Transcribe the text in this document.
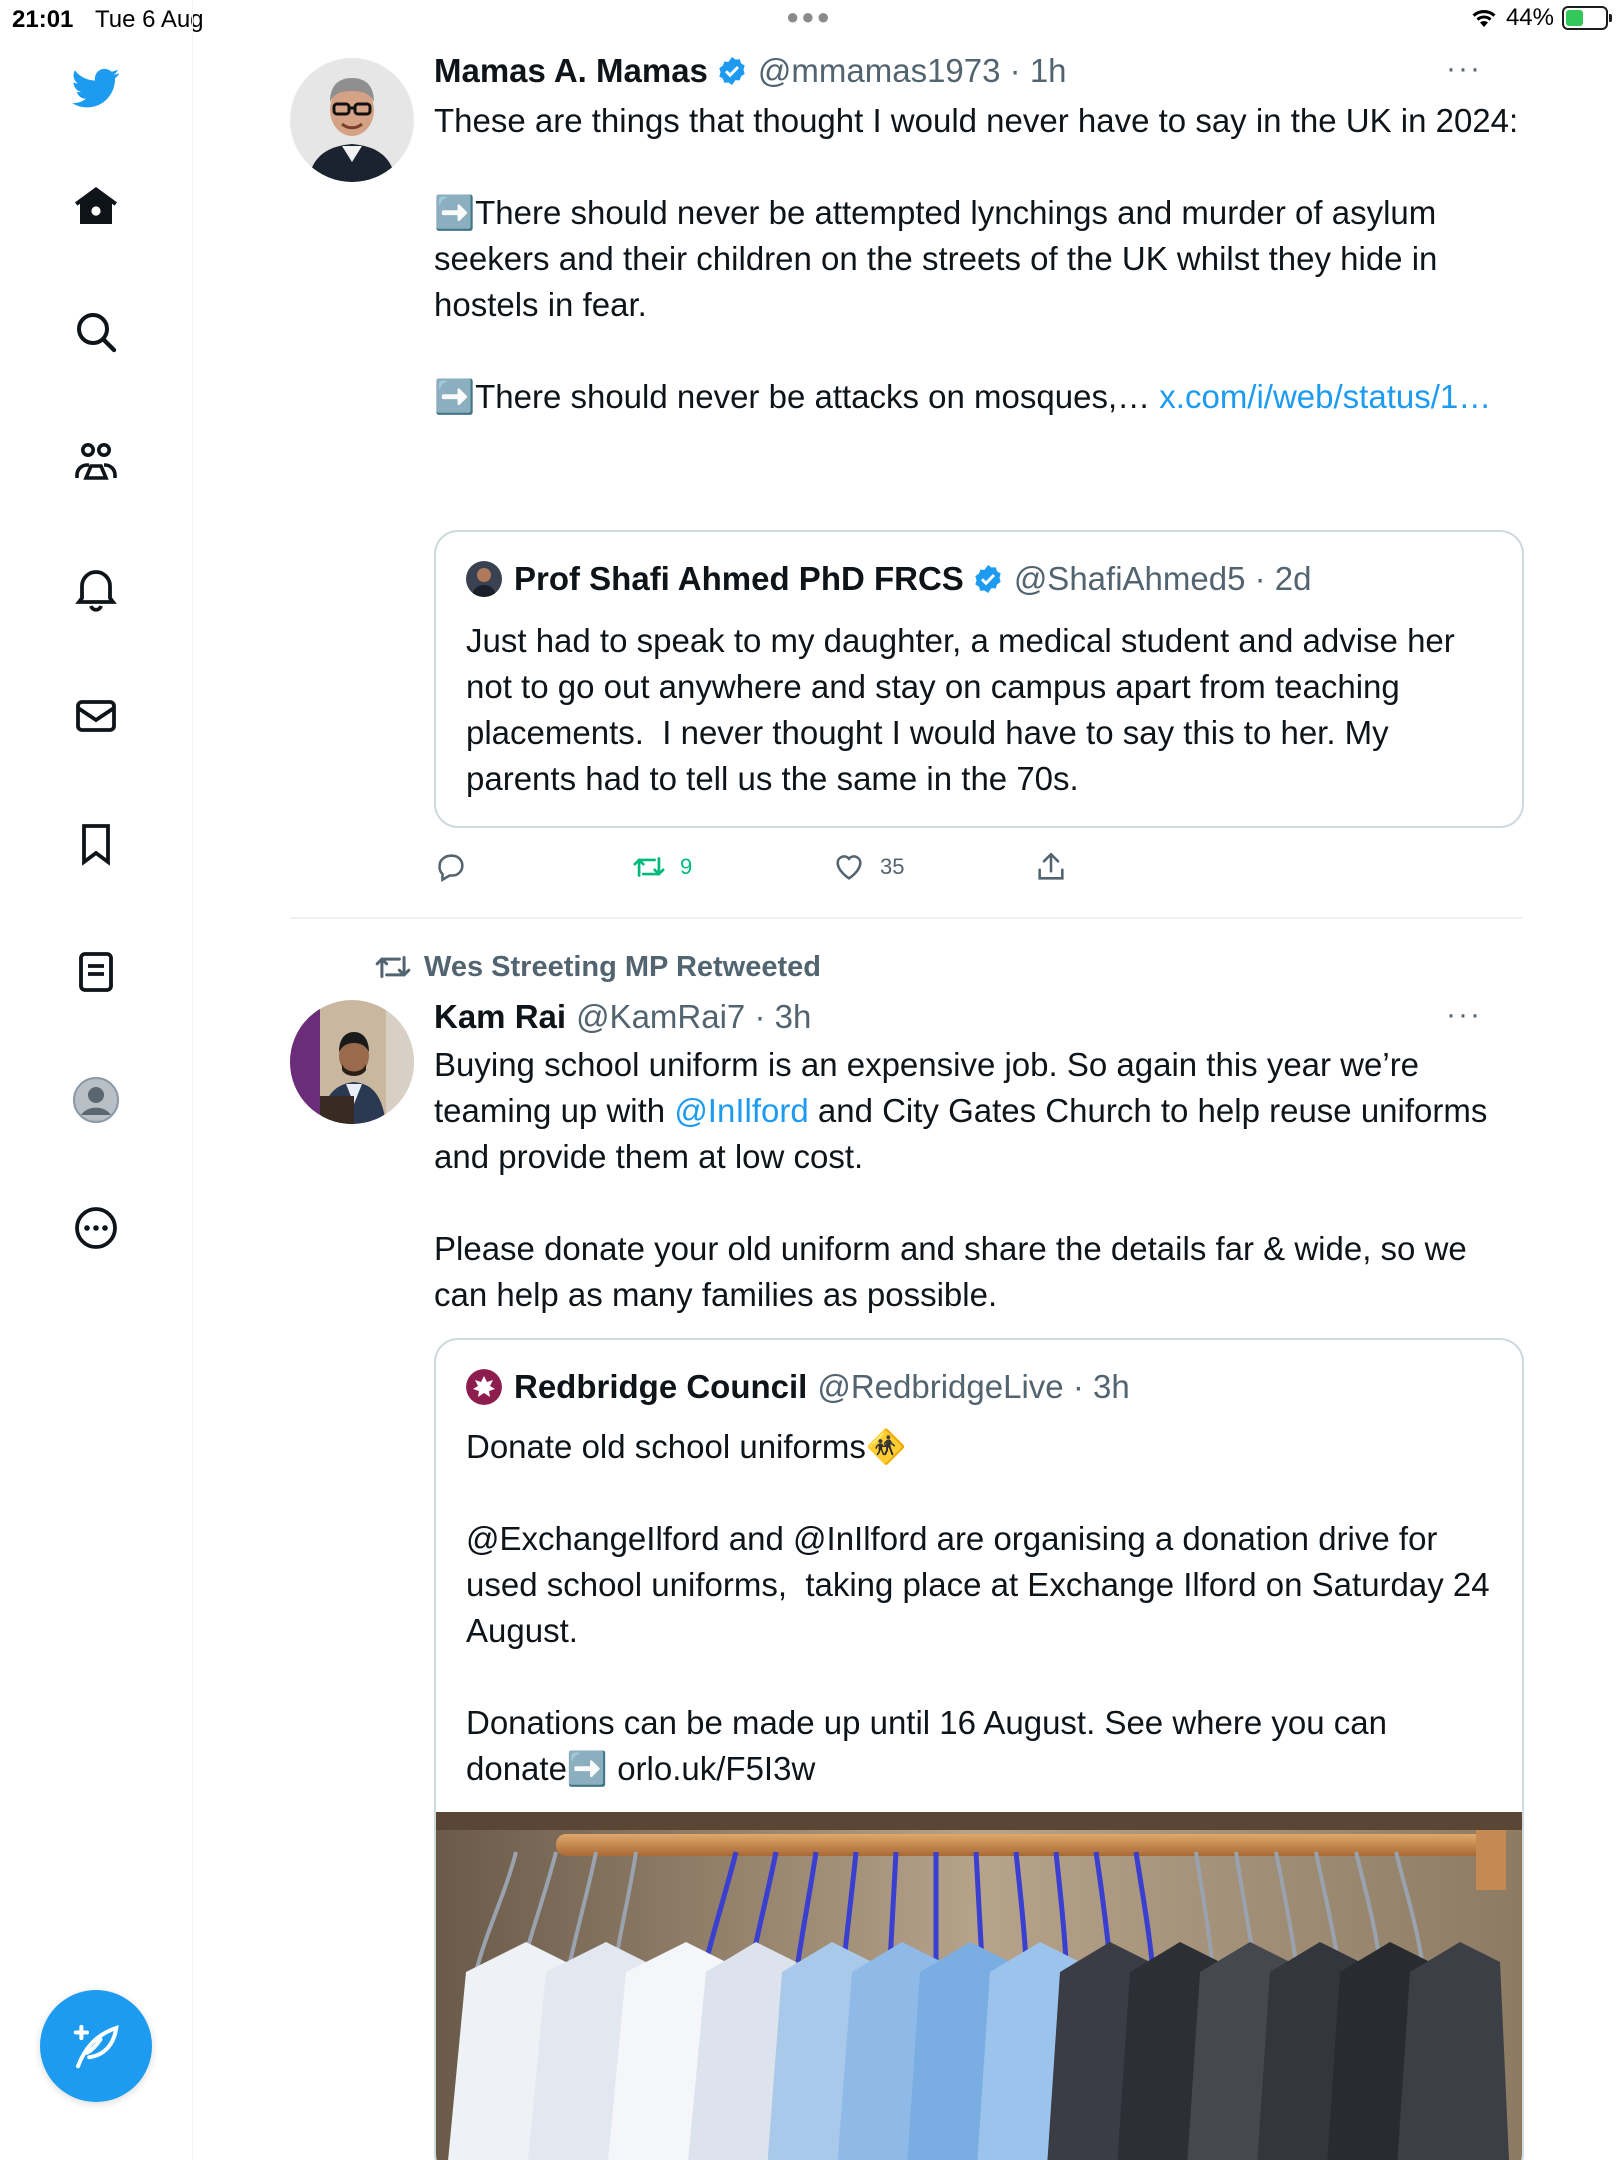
21:01 Tue 6 Aug	●●●	44%
Mamas A. Mamas @mmamas1973 · 1h	···
These are things that thought I would never have to say in the UK in 2024:

➡️There should never be attempted lynchings and murder of asylum seekers and their children on the streets of the UK whilst they hide in hostels in fear.

➡️There should never be attacks on mosques,… x.com/i/web/status/1…
Prof Shafi Ahmed PhD FRCS @ShafiAhmed5 · 2d
Just had to speak to my daughter, a medical student and advise her not to go out anywhere and stay on campus apart from teaching placements.  I never thought I would have to say this to her. My parents had to tell us the same in the 70s.
9	35
Wes Streeting MP Retweeted
Kam Rai @KamRai7 · 3h	···
Buying school uniform is an expensive job. So again this year we’re teaming up with @InIlford and City Gates Church to help reuse uniforms and provide them at low cost.

Please donate your old uniform and share the details far & wide, so we can help as many families as possible.
Redbridge Council @RedbridgeLive · 3h
Donate old school uniforms🚸

@ExchangeIlford and @InIlford are organising a donation drive for used school uniforms,  taking place at Exchange Ilford on Saturday 24 August.

Donations can be made up until 16 August. See where you can donate➡️ orlo.uk/F5I3w
